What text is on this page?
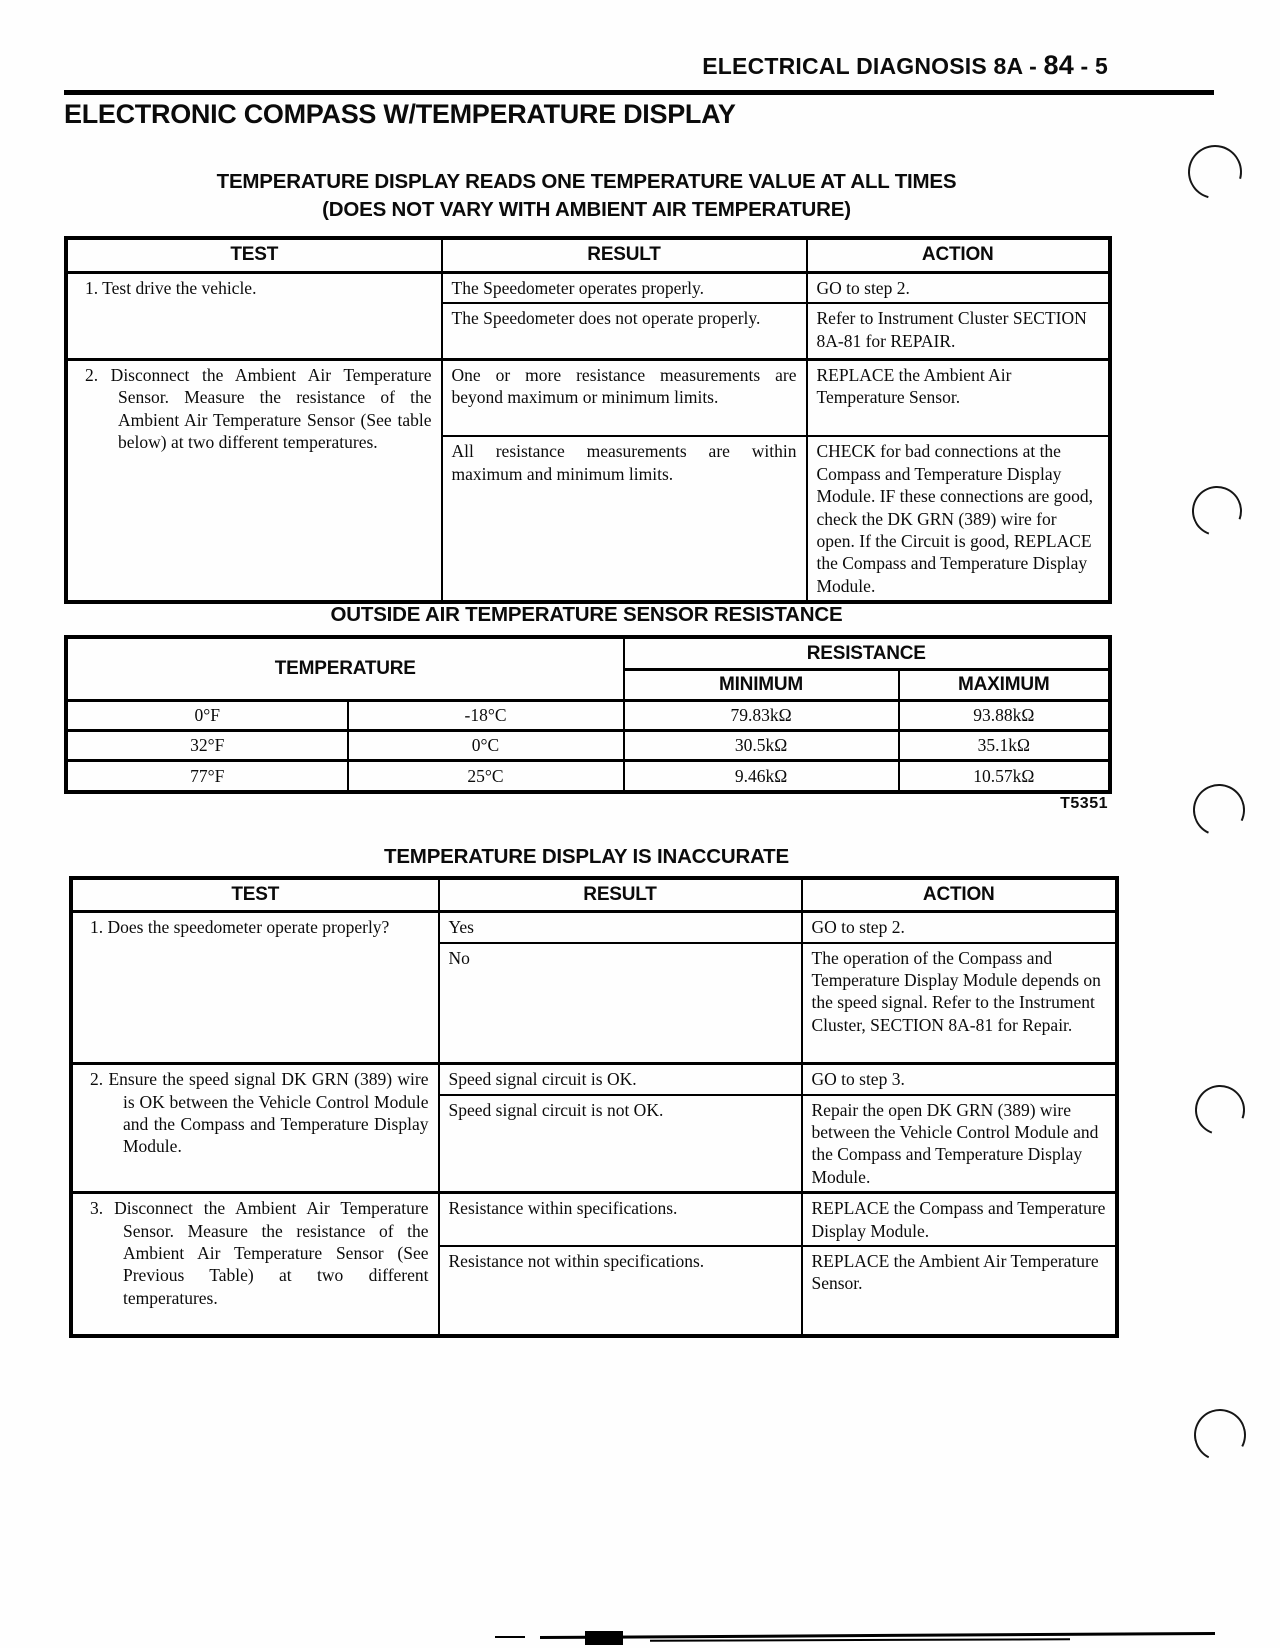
ELECTRICAL DIAGNOSIS 8A - 84 - 5
ELECTRONIC COMPASS W/TEMPERATURE DISPLAY
TEMPERATURE DISPLAY READS ONE TEMPERATURE VALUE AT ALL TIMES
(DOES NOT VARY WITH AMBIENT AIR TEMPERATURE)
TEST	RESULT	ACTION
1. Test drive the vehicle.	The Speedometer operates properly.	GO to step 2.
	The Speedometer does not operate properly.	Refer to Instrument Cluster SECTION 8A-81 for REPAIR.
2. Disconnect the Ambient Air Temperature Sensor. Measure the resistance of the Ambient Air Temperature Sensor (See table below) at two different temperatures.	One or more resistance measurements are beyond maximum or minimum limits.	REPLACE the Ambient Air Temperature Sensor.
	All resistance measurements are within maximum and minimum limits.	CHECK for bad connections at the Compass and Temperature Display Module. IF these connections are good, check the DK GRN (389) wire for open. If the Circuit is good, REPLACE the Compass and Temperature Display Module.
OUTSIDE AIR TEMPERATURE SENSOR RESISTANCE
TEMPERATURE		RESISTANCE	
		MINIMUM	MAXIMUM
0°F	-18°C	79.83kΩ	93.88kΩ
32°F	0°C	30.5kΩ	35.1kΩ
77°F	25°C	9.46kΩ	10.57kΩ
T5351
TEMPERATURE DISPLAY IS INACCURATE
TEST	RESULT	ACTION
1. Does the speedometer operate properly?	Yes	GO to step 2.
	No	The operation of the Compass and Temperature Display Module depends on the speed signal. Refer to the Instrument Cluster, SECTION 8A-81 for Repair.
2. Ensure the speed signal DK GRN (389) wire is OK between the Vehicle Control Module and the Compass and Temperature Display Module.	Speed signal circuit is OK.	GO to step 3.
	Speed signal circuit is not OK.	Repair the open DK GRN (389) wire between the Vehicle Control Module and the Compass and Temperature Display Module.
3. Disconnect the Ambient Air Temperature Sensor. Measure the resistance of the Ambient Air Temperature Sensor (See Previous Table) at two different temperatures.	Resistance within specifications.	REPLACE the Compass and Temperature Display Module.
	Resistance not within specifications.	REPLACE the Ambient Air Temperature Sensor.
